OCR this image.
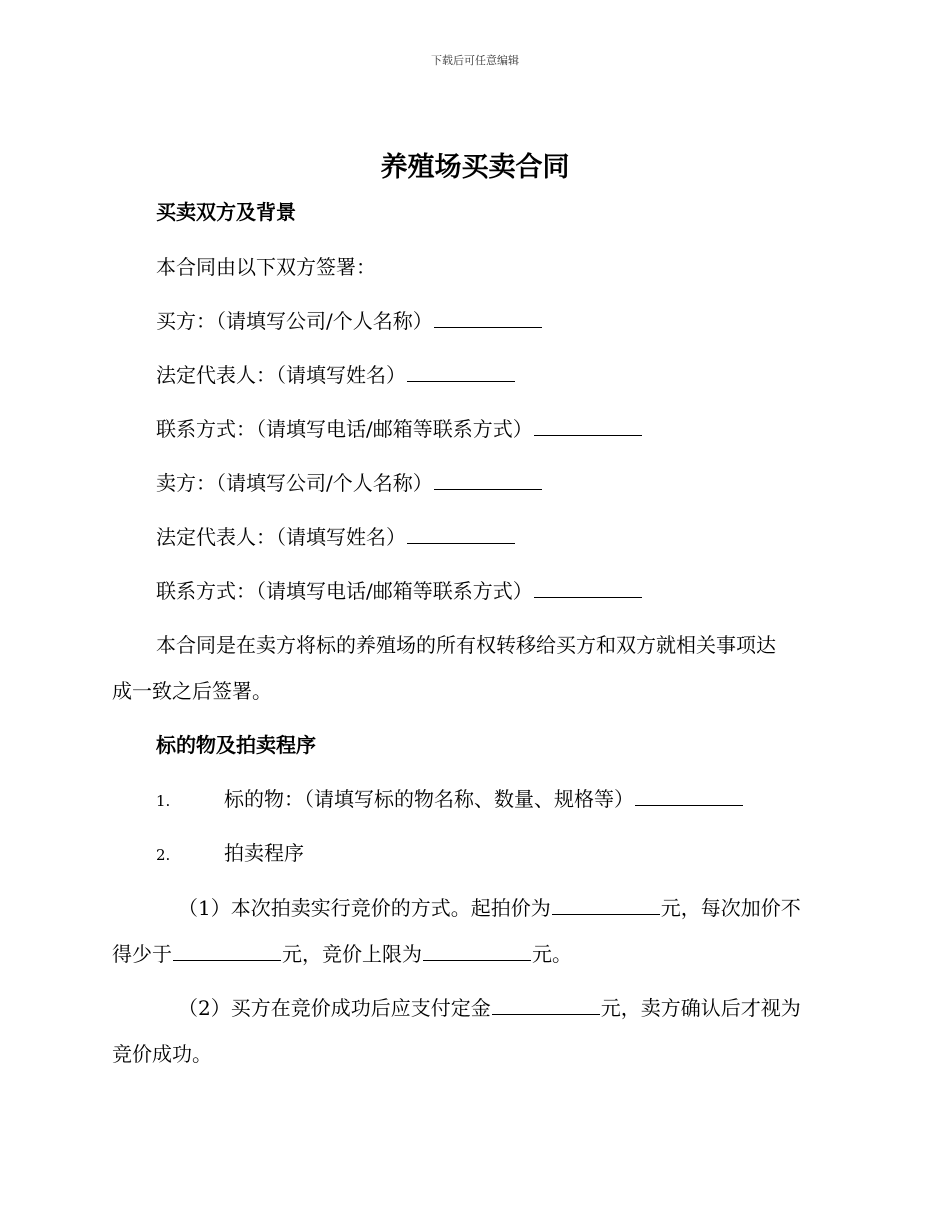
下载后可任意编辑
养殖场买卖合同
买卖双方及背景
本合同由以下双方签署：
买方：（请填写公司/个人名称）
法定代表人：（请填写姓名）
联系方式：（请填写电话/邮箱等联系方式）
卖方：（请填写公司/个人名称）
法定代表人：（请填写姓名）
联系方式：（请填写电话/邮箱等联系方式）
本合同是在卖方将标的养殖场的所有权转移给买方和双方就相关事项达
成一致之后签署。
标的物及拍卖程序
1.	标的物：（请填写标的物名称、数量、规格等）
2.	拍卖程序
（1）本次拍卖实行竞价的方式。起拍价为	元，每次加价不
得少于	元，竞价上限为	元。
（2）买方在竞价成功后应支付定金	元，卖方确认后才视为
竞价成功。
